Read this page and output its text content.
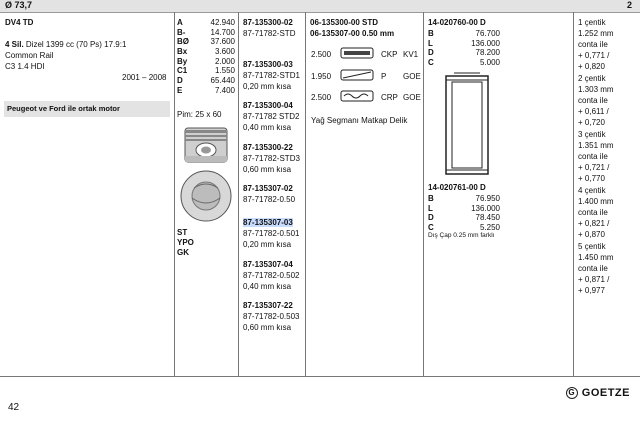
Ø 73,7	2
DV4 TD
4 Sil. Dizel 1399 cc (70 Ps) 17.9:1
Common Rail
C3 1.4 HDI
2001 – 2008
Peugeot ve Ford ile ortak motor
A	42.940
B-	14.700
BØ	37.600
Bx	3.600
By	2.000
C1	1.550
D	65.440
E	7.400
Pim: 25 x 60
ST
YPO
GK
87-135300-02
87-71782-STD
87-135300-03
87-71782-STD1
0,20 mm kısa
87-135300-04
87-71782 STD2
0,40 mm kısa
87-135300-22
87-71782-STD3
0,60 mm kısa
87-135307-02
87-71782-0.50
87-135307-03
87-71782-0.501
0,20 mm kısa
87-135307-04
87-71782-0.502
0,40 mm kısa
87-135307-22
87-71782-0.503
0,60 mm kısa
06-135300-00 STD
06-135307-00 0.50 mm
2.500	CKP KV1
1.950	P GOE
2.500	CRP GOE
Yağ Segmanı Matkap Delik
14-020760-00 D
B	76.700
L	136.000
D	78.200
C	5.000
14-020761-00 D
B	76.950
L	136.000
D	78.450
C	5.250
Dış Çap 0.25 mm farklı
1 çentik
1.252 mm
conta ile
+ 0,771 /
+ 0,820
2 çentik
1.303 mm
conta ile
+ 0,611 /
+ 0,720
3 çentik
1.351 mm
conta ile
+ 0,721 /
+ 0,770
4 çentik
1.400 mm
conta ile
+ 0,821 /
+ 0,870
5 çentik
1.450 mm
conta ile
+ 0,871 /
+ 0,977
42
G GOETZE
